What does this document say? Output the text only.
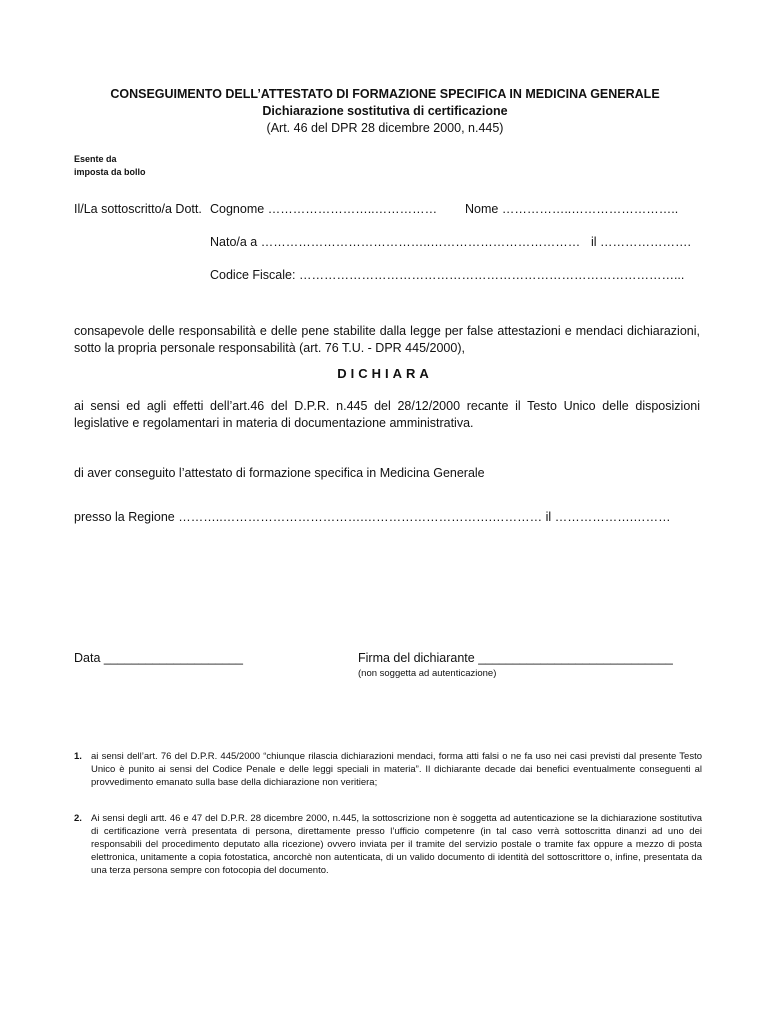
CONSEGUIMENTO DELL’ATTESTATO DI FORMAZIONE SPECIFICA IN MEDICINA GENERALE
Dichiarazione sostitutiva di certificazione
(Art. 46 del DPR 28 dicembre 2000, n.445)
Esente da
imposta da bollo
Il/La sottoscritto/a Dott. Cognome ……………………..…………… Nome ……………..……………………..
Nato/a a …………………………………..……………………………… il ………………….
Codice Fiscale: ………………………………………………………………………………...
consapevole delle responsabilità e delle pene stabilite dalla legge per false attestazioni e mendaci dichiarazioni, sotto la propria personale responsabilità (art. 76 T.U. - DPR 445/2000),
DICHIARA
ai sensi ed agli effetti dell’art.46 del D.P.R. n.445 del 28/12/2000 recante il Testo Unico delle disposizioni legislative e regolamentari in materia di documentazione amministrativa.
di aver conseguito l’attestato di formazione specifica in Medicina Generale
presso la Regione ………..…………………………….………………………….………… il ……………….………
Data ____________________	Firma del dichiarante ____________________________
(non soggetta ad autenticazione)
1. ai sensi dell’art. 76 del D.P.R. 445/2000 “chiunque rilascia dichiarazioni mendaci, forma atti falsi o ne fa uso nei casi previsti dal presente Testo Unico è punito ai sensi del Codice Penale e delle leggi speciali in materia”. Il dichiarante decade dai benefici eventualmente conseguenti al provvedimento emanato sulla base della dichiarazione non veritiera;
2. Ai sensi degli artt. 46 e 47 del D.P.R. 28 dicembre 2000, n.445, la sottoscrizione non è soggetta ad autenticazione se la dichiarazione sostitutiva di certificazione verrà presentata di persona, direttamente presso l’ufficio competenre (in tal caso verrà sottoscritta dinanzi ad uno dei responsabili del procedimento deputato alla ricezione) ovvero inviata per il tramite del servizio postale o tramite fax oppure a mezzo di posta elettronica, unitamente a copia fotostatica, ancorchè non autenticata, di un valido documento di identità del sottoscrittore o, infine, presentata da una terza persona sempre con fotocopia del documento.
